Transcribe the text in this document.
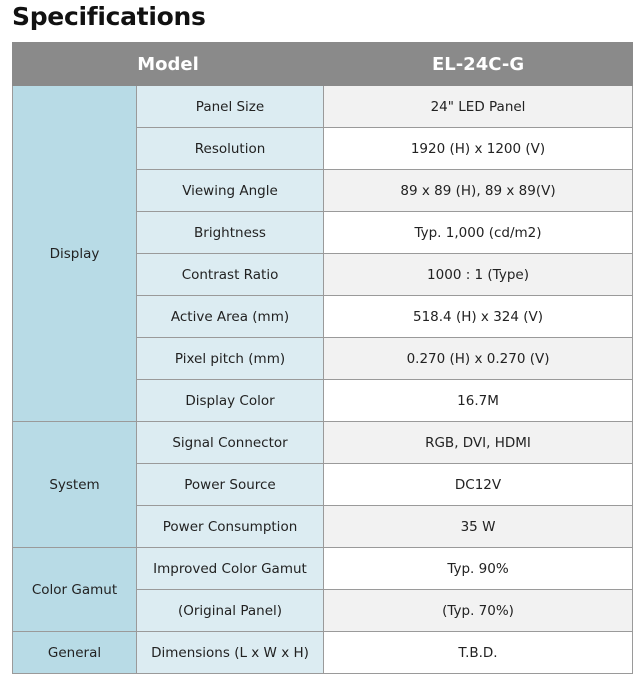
Specifications
Model		EL-24C-G
Display	Panel Size	24" LED Panel
	Resolution	1920 (H) x 1200 (V)
	Viewing Angle	89 x 89 (H), 89 x 89(V)
	Brightness	Typ. 1,000 (cd/m2)
	Contrast Ratio	1000 : 1 (Type)
	Active Area (mm)	518.4 (H) x 324 (V)
	Pixel pitch (mm)	0.270 (H) x 0.270 (V)
	Display Color	16.7M
System	Signal Connector	RGB, DVI, HDMI
	Power Source	DC12V
	Power Consumption	35 W
Color Gamut	Improved Color Gamut	Typ. 90%
	(Original Panel)	(Typ. 70%)
General	Dimensions (L x W x H)	T.B.D.
